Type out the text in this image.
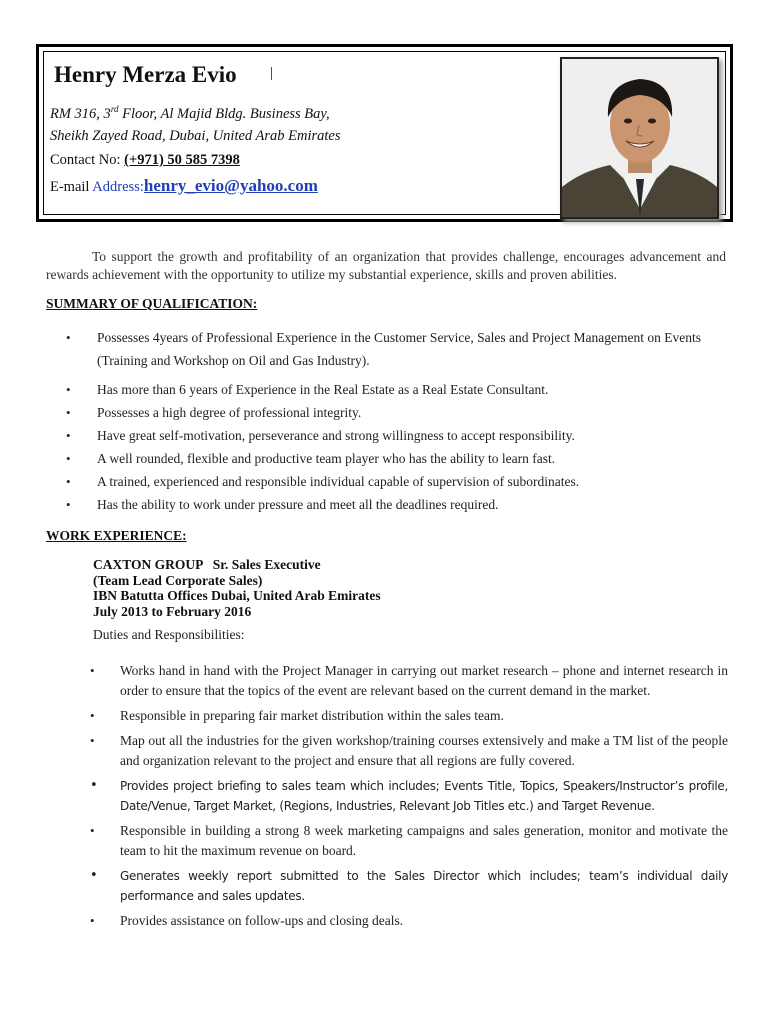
Henry Merza Evio |
RM 316, 3rd Floor, Al Majid Bldg. Business Bay,
Sheikh Zayed Road, Dubai, United Arab Emirates
Contact No: (+971) 50 585 7398
E-mail Address:henry_evio@yahoo.com
To support the growth and profitability of an organization that provides challenge, encourages advancement and rewards achievement with the opportunity to utilize my substantial experience, skills and proven abilities.
SUMMARY OF QUALIFICATION:
• Possesses 4years of Professional Experience in the Customer Service, Sales and Project Management on Events (Training and Workshop on Oil and Gas Industry).
• Has more than 6 years of Experience in the Real Estate as a Real Estate Consultant.
• Possesses a high degree of professional integrity.
• Have great self-motivation, perseverance and strong willingness to accept responsibility.
• A well rounded, flexible and productive team player who has the ability to learn fast.
• A trained, experienced and responsible individual capable of supervision of subordinates.
• Has the ability to work under pressure and meet all the deadlines required.
WORK EXPERIENCE:
CAXTON GROUP   Sr. Sales Executive
(Team Lead Corporate Sales)
IBN Batutta Offices Dubai, United Arab Emirates
July 2013 to February 2016
Duties and Responsibilities:
• Works hand in hand with the Project Manager in carrying out market research – phone and internet research in order to ensure that the topics of the event are relevant based on the current demand in the market.
• Responsible in preparing fair market distribution within the sales team.
• Map out all the industries for the given workshop/training courses extensively and make a TM list of the people and organization relevant to the project and ensure that all regions are fully covered.
• Provides project briefing to sales team which includes; Events Title, Topics, Speakers/Instructor’s profile, Date/Venue, Target Market, (Regions, Industries, Relevant Job Titles etc.) and Target Revenue.
• Responsible in building a strong 8 week marketing campaigns and sales generation, monitor and motivate the team to hit the maximum revenue on board.
• Generates weekly report submitted to the Sales Director which includes; team’s individual daily performance and sales updates.
• Provides assistance on follow-ups and closing deals.
